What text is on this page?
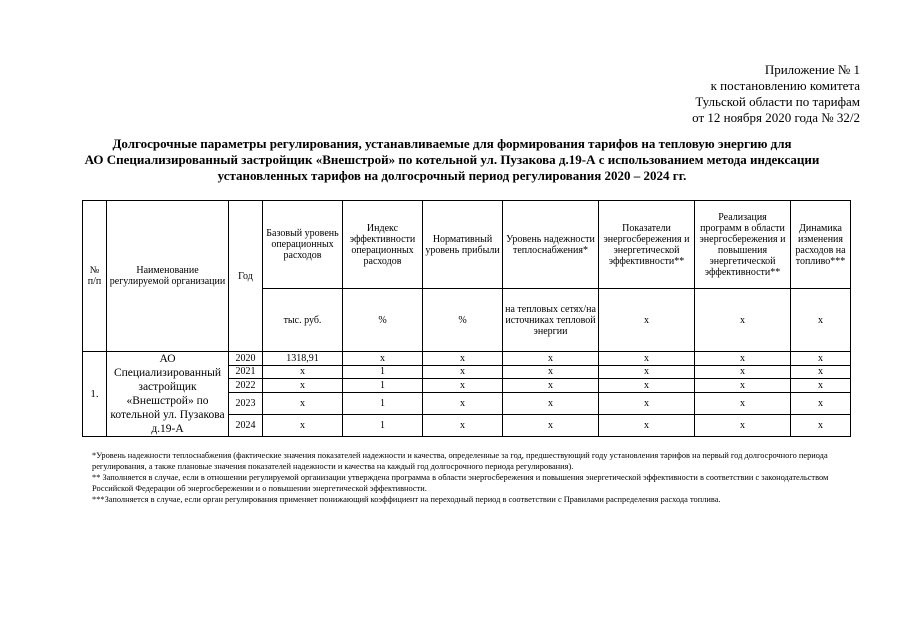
Приложение № 1
к постановлению комитета
Тульской области по тарифам
от 12 ноября 2020 года № 32/2
Долгосрочные параметры регулирования, устанавливаемые для формирования тарифов на тепловую энергию для
АО Специализированный застройщик «Внешстрой» по котельной ул. Пузакова д.19-А с использованием метода индексации
установленных тарифов на долгосрочный период регулирования 2020 – 2024 гг.
№ п/п	Наименование регулируемой организации	Год	Базовый уровень операционных расходов	Индекс эффективности операционных расходов	Нормативный уровень прибыли	Уровень надежности теплоснабжения*	Показатели энергосбережения и энергетической эффективности**	Реализация программ в области энергосбережения и повышения энергетической эффективности**	Динамика изменения расходов на топливо***
			тыс. руб.	%	%	на тепловых сетях/на источниках тепловой энергии	х	х	х
1.	АО Специализированный застройщик «Внешстрой» по котельной ул. Пузакова д.19-А	2020	1318,91	х	х	х	х	х	х
		2021	х	1	х	х	х	х	х
		2022	х	1	х	х	х	х	х
		2023	х	1	х	х	х	х	х
		2024	х	1	х	х	х	х	х
*Уровень надежности теплоснабжения (фактические значения показателей надежности и качества, определенные за год, предшествующий году установления тарифов на первый год долгосрочного периода регулирования, а также плановые значения показателей надежности и качества на каждый год долгосрочного периода регулирования).
** Заполняется в случае, если в отношении регулируемой организации утверждена программа в области энергосбережения и повышения энергетической эффективности в соответствии с законодательством Российской Федерации об энергосбережении и о повышении энергетической эффективности.
***Заполняется в случае, если орган регулирования применяет понижающий коэффициент на переходный период в соответствии с Правилами распределения расхода топлива.
